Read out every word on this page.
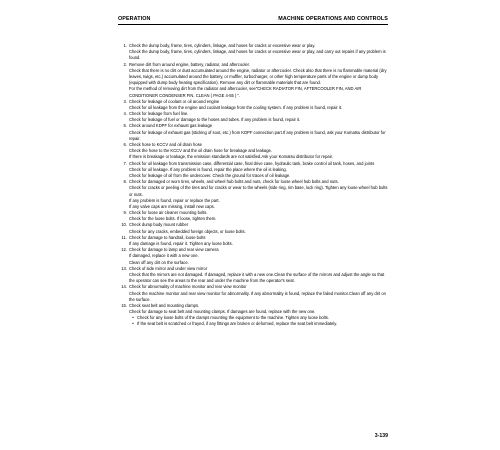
OPERATION	MACHINE OPERATIONS AND CONTROLS
1. Check the dump body, frame, tires, cylinders, linkage, and hoses for cracks or excessive wear or play.
Check the dump body, frame, tires, cylinders, linkage, and hoses for cracks or excessive wear or play, and carry out repairs if any problem is found.
2. Remove dirt from around engine, battery, radiator, and aftercooler.
Check that there is no dirt or dust accumulated around the engine, radiator or aftercooler. Check also that there is no flammable material (dry leaves, twigs, etc.) accumulated around the battery, or muffler, turbocharger, or other high temperature parts of the engine or dump body (equipped with dump body heating specification). Remove any dirt or flammable materials that are found.
For the method of removing dirt from the radiator and aftercooler, see"CHECK RADIATOR FIN, AFTERCOOLER FIN, AND AIR CONDITIONER CONDENSER FIN, CLEAN ( PAGE 4-55 ) ".
3. Check for leakage of coolant or oil around engine
Check for oil leakage from the engine and coolant leakage from the cooling system. If any problem is found, repair it.
4. Check for leakage from fuel line.
Check for leakage of fuel or damage to the hoses and tubes. If any problem is found, repair it.
5. Check around KDPF for exhaust gas leakage
Check for leakage of exhaust gas (sticking of soot, etc.) from KDPF connection part.If any problem is found, ask your Komatsu distributor for repair.
6. Check hose to KCCV and oil drain hose
Check the hose to the KCCV and the oil drain hose for breakage and leakage.
If there is breakage or leakage, the emission standards are not satisfied.Ask your Komatsu distributor for repair.
7. Check for oil leakage from transmission case, differential case, final drive case, hydraulic tank, brake control oil tank, hoses, and joints
Check for oil leakage. If any problem is found, repair the place where the oil is leaking.
Check for leakage of oil from the undercover. Check the ground for traces of oil leakage.
8. Check for damaged or worn tires, wheels, and wheel hub bolts and nuts, check for loose wheel hub bolts and nuts.
Check for cracks or peeling of the tires and for cracks or wear to the wheels (side ring, rim base, lock ring). Tighten any loose wheel hub bolts or nuts.
If any problem is found, repair or replace the part.
If any valve caps are missing, install new caps.
9. Check for loose air cleaner mounting bolts.
Check for the loose bolts. If loose, tighten them.
10. Check dump body mount rubber
Check for any cracks, embedded foreign objects, or loose bolts.
11. Check for damage to handrail, loose bolts
If any damage is found, repair it. Tighten any loose bolts.
12. Check for damage to lamp and rear view camera
If damaged, replace it with a new one.
Clean off any dirt on the surface.
13. Check of side mirror and under view mirror
Check that the mirrors are not damaged. If damaged, replace it with a new one.Clean the surface of the mirrors and adjust the angle so that the operator can see the areas to the rear and under the machine from the operator's seat.
14. Check for abnormality of machine monitor and rear view monitor
Check the machine monitor and rear view monitor for abnormality. If any abnormality is found, replace the failed monitor.Clean off any dirt on the surface.
15. Check seat belt and mounting clamps.
Check for damage to seat belt and mounting clamps. If damages are found, replace with the new one.
• Check for any loose bolts of the clamps mounting the equipment to the machine. Tighten any loose bolts.
• If the seat belt is scratched or frayed, if any fittings are broken or deformed, replace the seat belt immediately.
3-139
